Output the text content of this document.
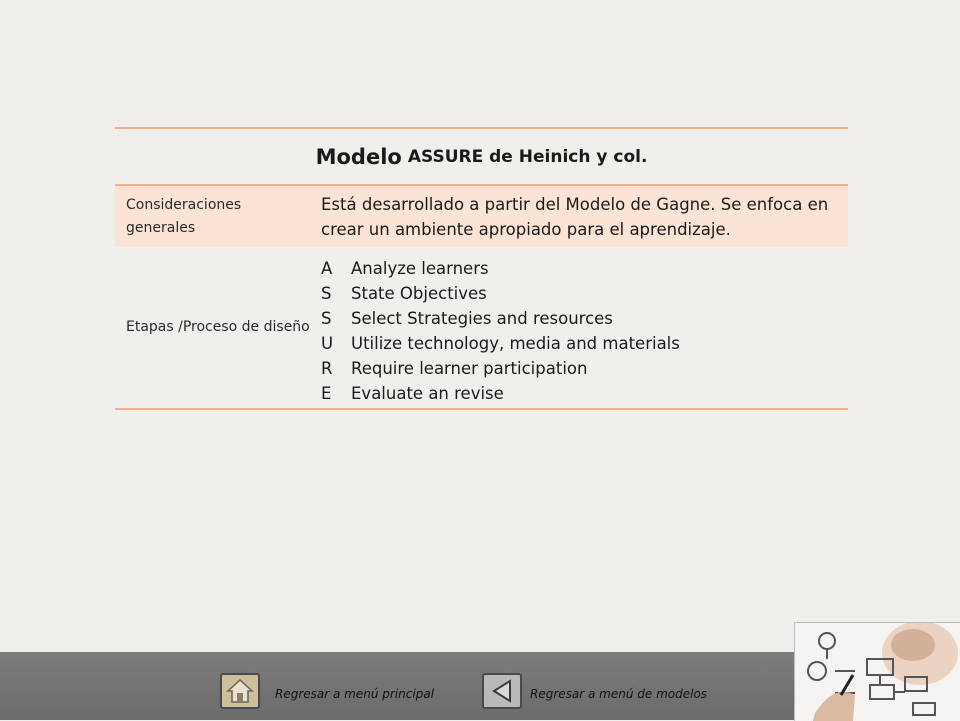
Modelo ASSURE de Heinich y col.
Consideraciones generales
Está desarrollado a partir del Modelo de Gagne. Se enfoca en crear un ambiente apropiado para el aprendizaje.
Etapas /Proceso de diseño
A Analyze learners
S State Objectives
S Select Strategies and resources
U Utilize technology, media and materials
R Require learner participation
E Evaluate an revise
Regresar a menú principal	Regresar a menú de modelos
